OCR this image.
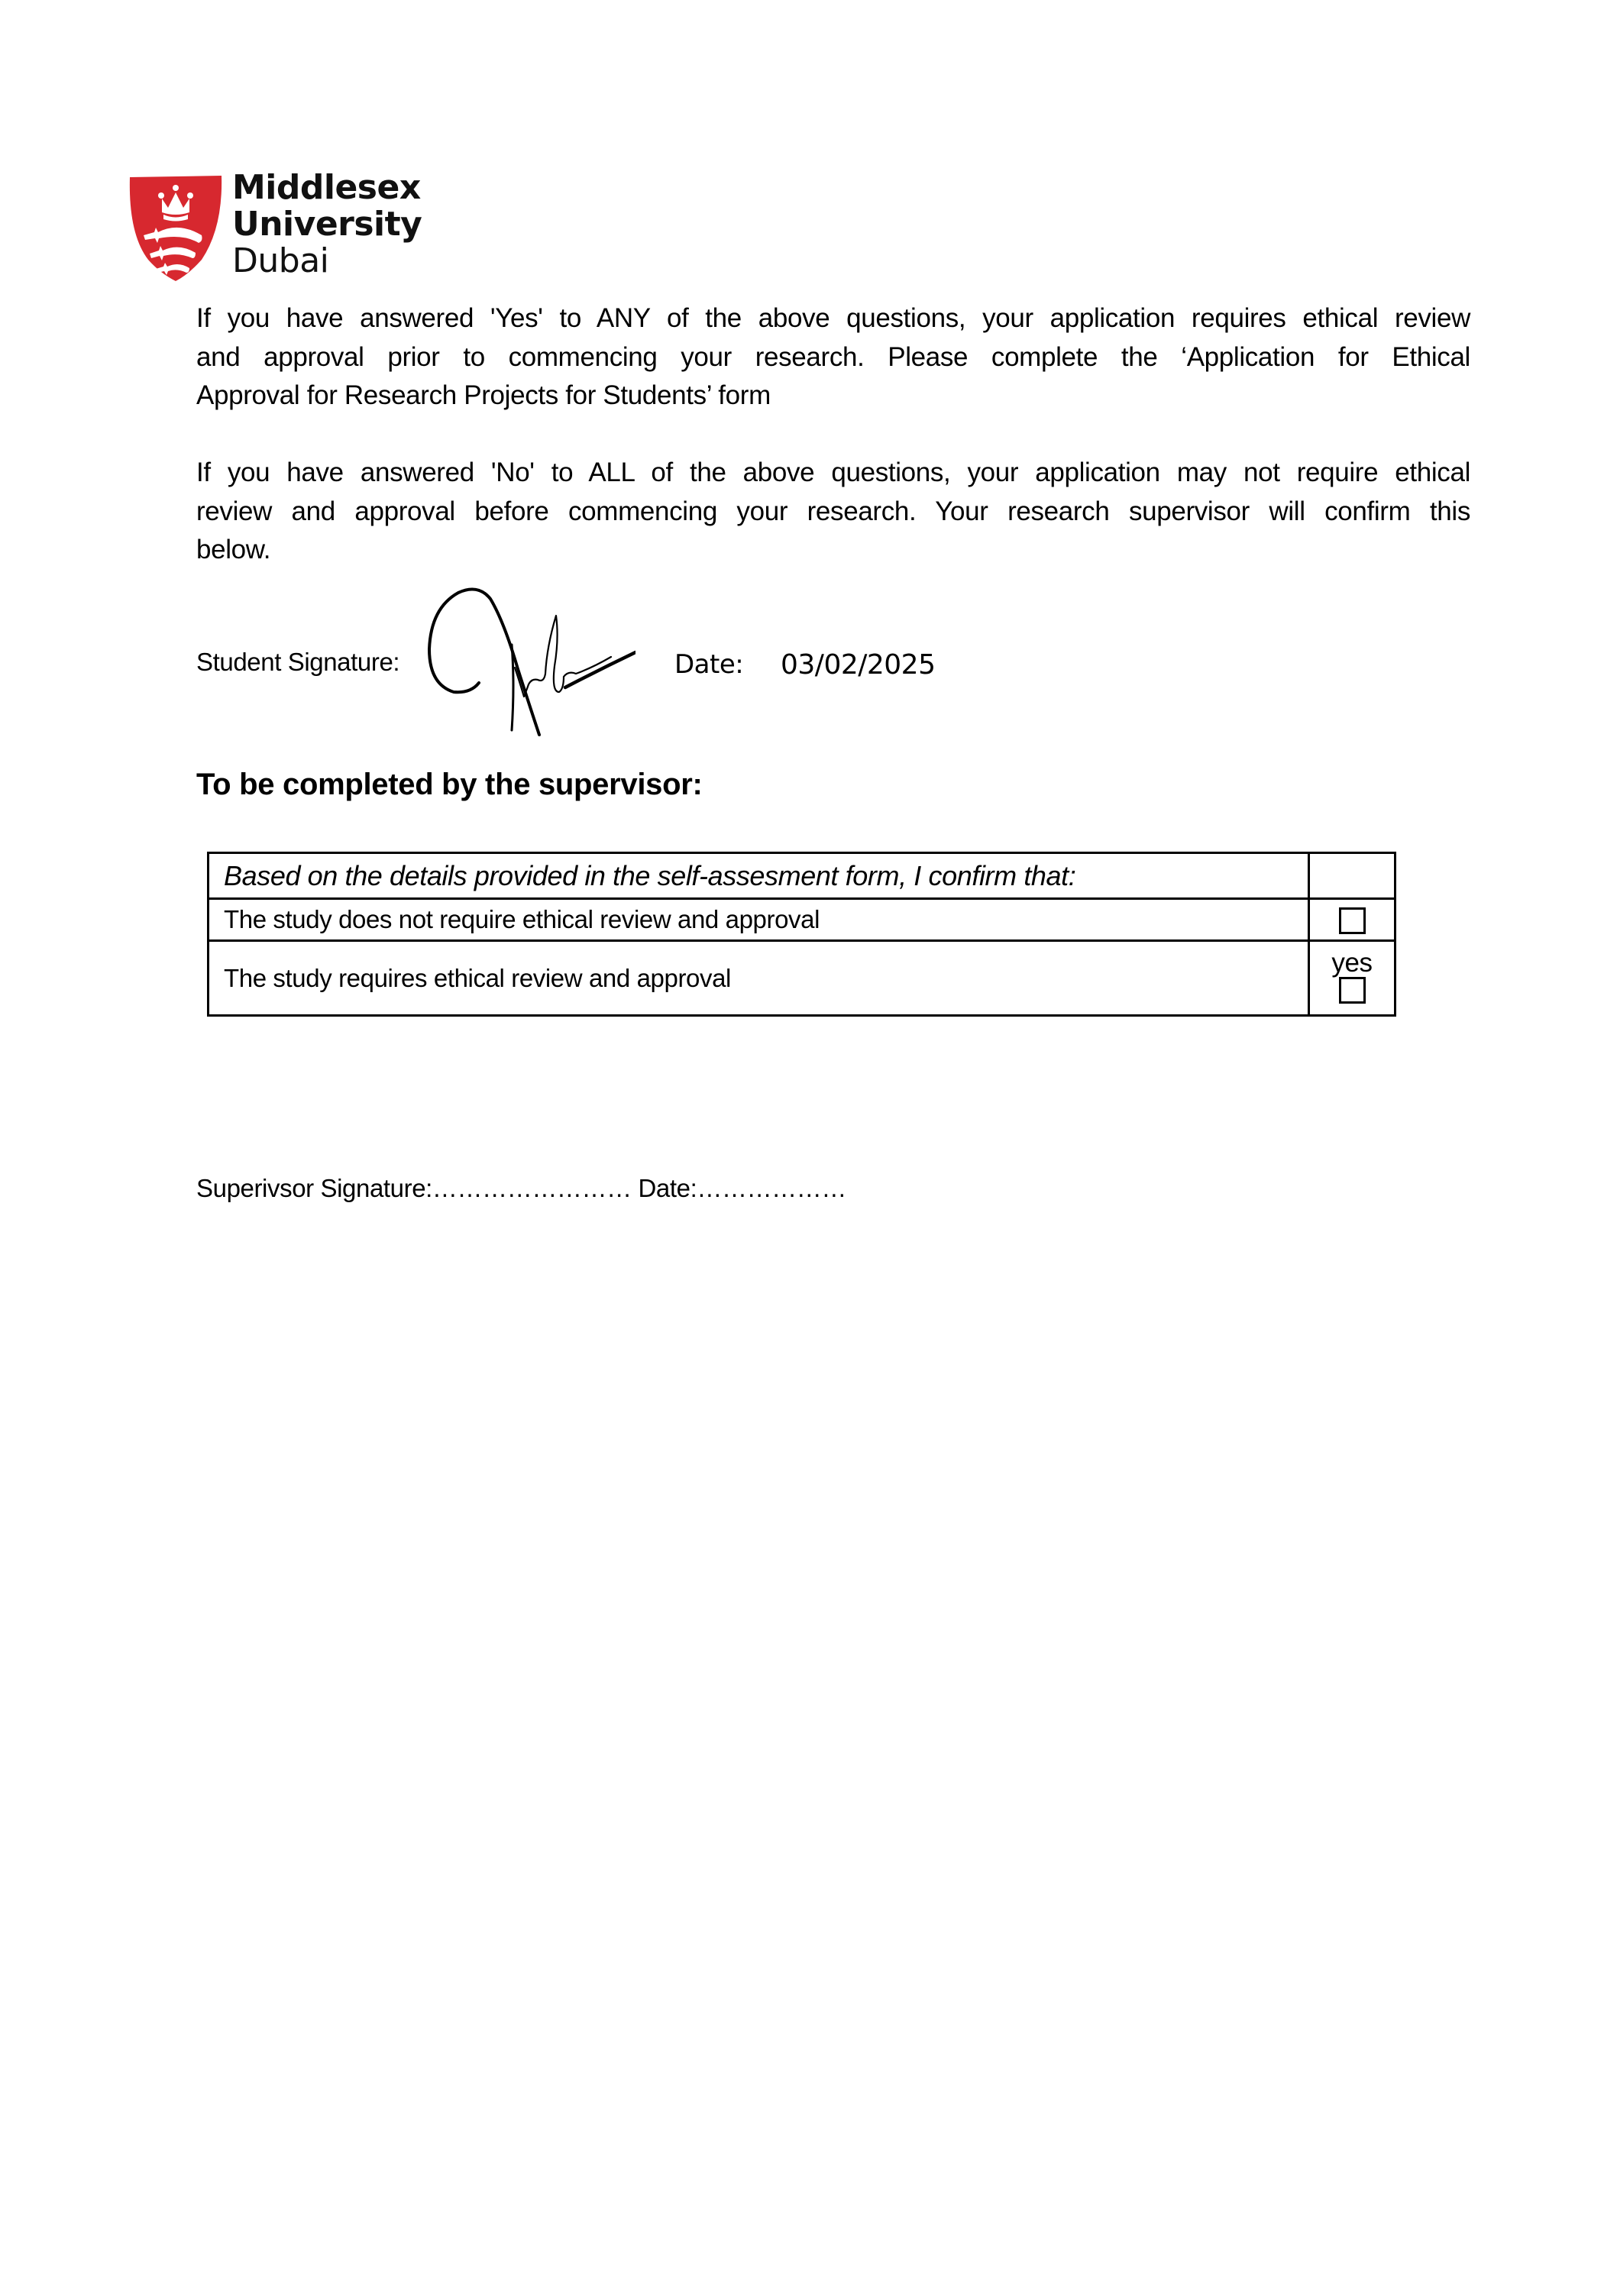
Middlesex
University
Dubai
If you have answered 'Yes' to ANY of the above questions, your application requires ethical review
and approval prior to commencing your research. Please complete the ‘Application for Ethical
Approval for Research Projects for Students’ form
If you have answered 'No' to ALL of the above questions, your application may not require ethical
review and approval before commencing your research. Your research supervisor will confirm this
below.
Student Signature:	Date: 03/02/2025
To be completed by the supervisor:
Based on the details provided in the self-assesment form, I confirm that:	
The study does not require ethical review and approval	
The study requires ethical review and approval	yes
Superivsor Signature:…………………… Date:………………
